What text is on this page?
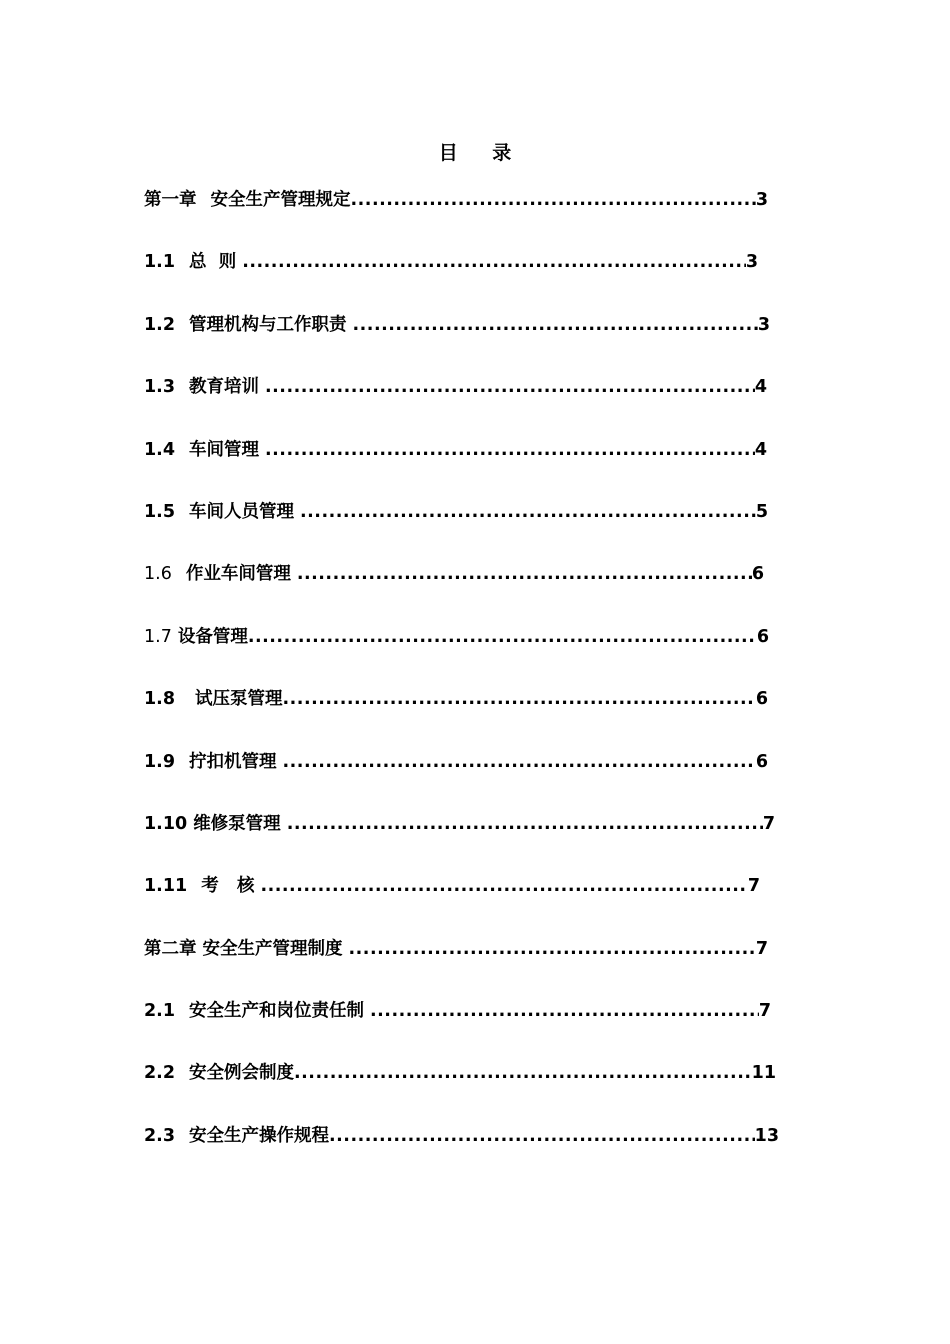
目 录
第一章 安全生产管理规定 .....	3
1.1 总  则 .....	3
1.2 管理机构与工作职责 .....	3
1.3 教育培训 .....	4
1.4 车间管理 .....	4
1.5 车间人员管理 .....	5
1.6 作业车间管理 .....	6
1.7 设备管理 .....	6
1.8 试压泵管理 .....	6
1.9 拧扣机管理 .....	6
1.10 维修泵管理 .....	7
1.11 考   核 .....	7
第二章 安全生产管理制度 .....	7
2.1 安全生产和岗位责任制 .....	7
2.2 安全例会制度 .....	11
2.3 安全生产操作规程 .....	13
